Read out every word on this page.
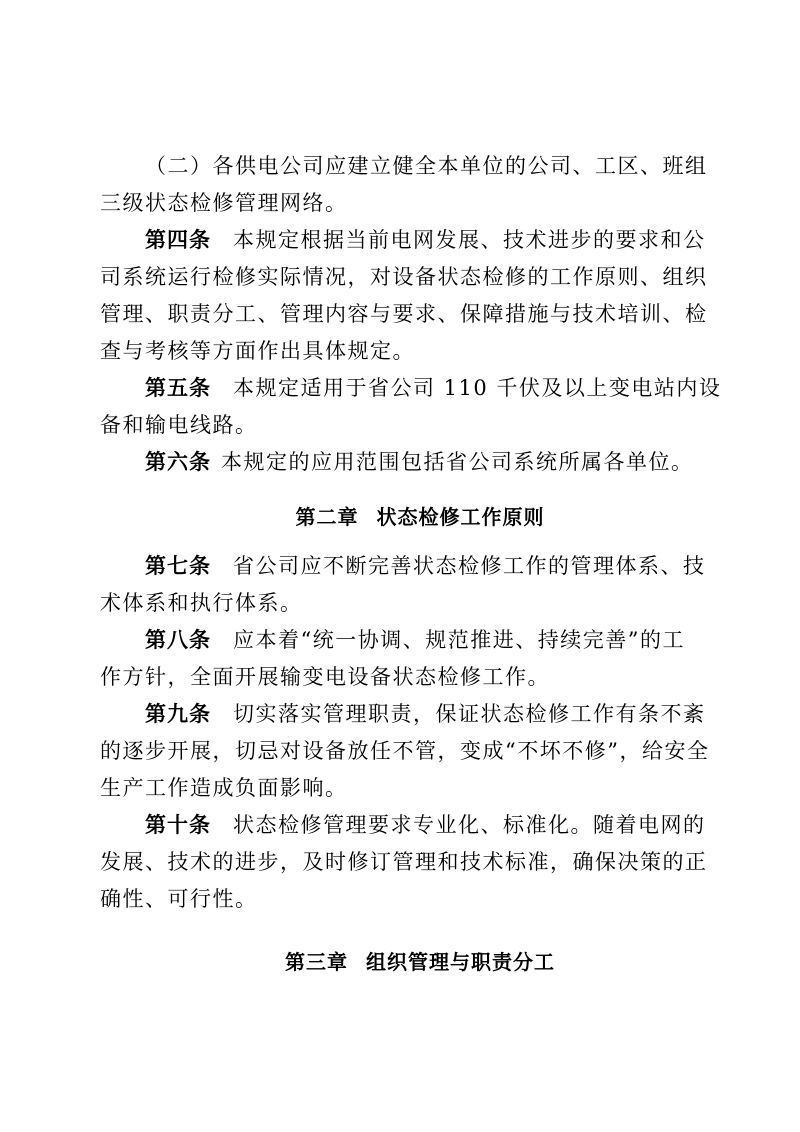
（二）各供电公司应建立健全本单位的公司、工区、班组
三级状态检修管理网络。
第四条 本规定根据当前电网发展、技术进步的要求和公
司系统运行检修实际情况，对设备状态检修的工作原则、组织
管理、职责分工、管理内容与要求、保障措施与技术培训、检
查与考核等方面作出具体规定。
第五条 本规定适用于省公司 110 千伏及以上变电站内设
备和输电线路。
第六条 本规定的应用范围包括省公司系统所属各单位。
第二章 状态检修工作原则
第七条 省公司应不断完善状态检修工作的管理体系、技
术体系和执行体系。
第八条 应本着“统一协调、规范推进、持续完善”的工
作方针，全面开展输变电设备状态检修工作。
第九条 切实落实管理职责，保证状态检修工作有条不紊
的逐步开展，切忌对设备放任不管，变成“不坏不修”，给安全
生产工作造成负面影响。
第十条 状态检修管理要求专业化、标准化。随着电网的
发展、技术的进步，及时修订管理和技术标准，确保决策的正
确性、可行性。
第三章 组织管理与职责分工
